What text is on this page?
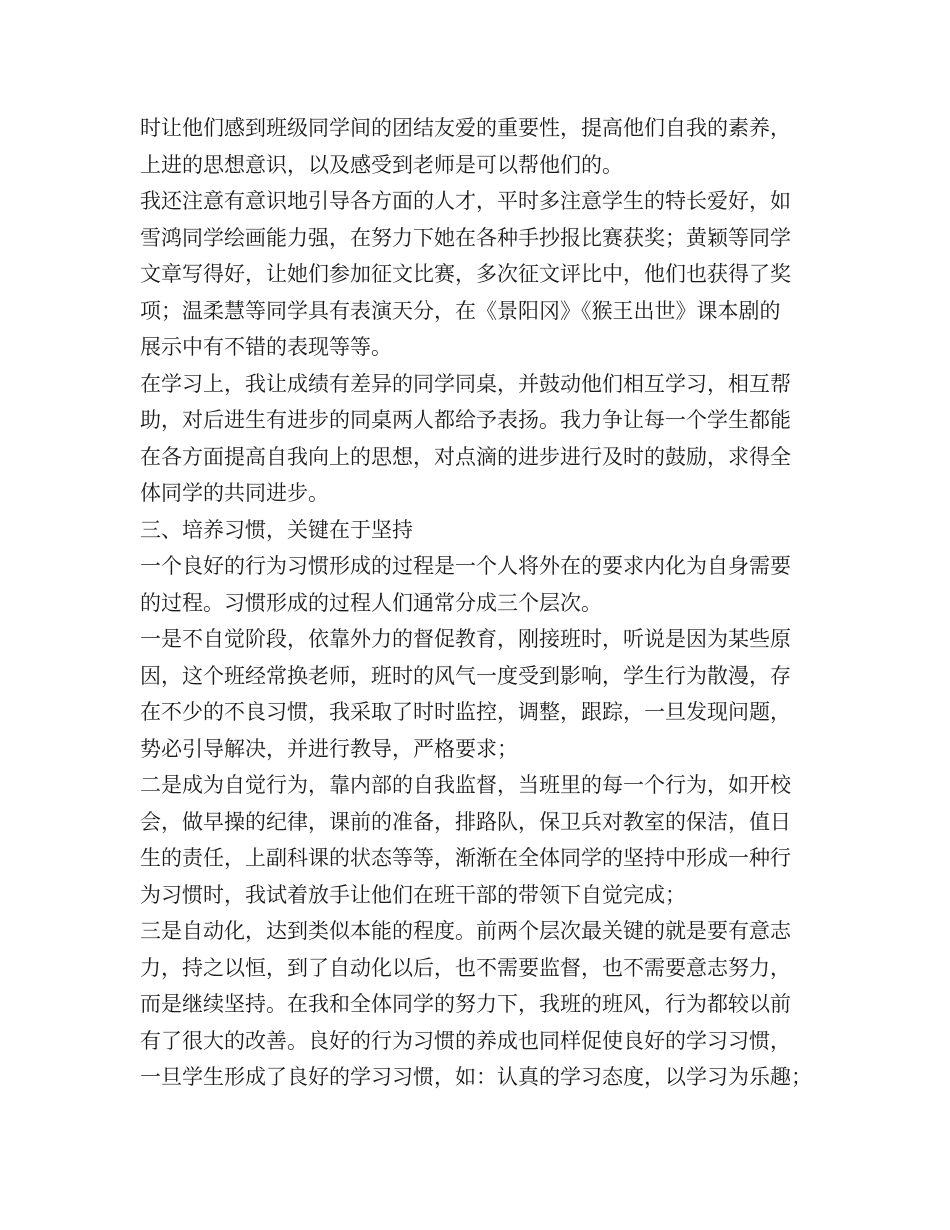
时让他们感到班级同学间的团结友爱的重要性，提高他们自我的素养，
上进的思想意识，以及感受到老师是可以帮他们的。
我还注意有意识地引导各方面的人才，平时多注意学生的特长爱好，如
雪鸿同学绘画能力强，在努力下她在各种手抄报比赛获奖；黄颖等同学
文章写得好，让她们参加征文比赛，多次征文评比中，他们也获得了奖
项；温柔慧等同学具有表演天分，在《景阳冈》《猴王出世》课本剧的
展示中有不错的表现等等。
在学习上，我让成绩有差异的同学同桌，并鼓动他们相互学习，相互帮
助，对后进生有进步的同桌两人都给予表扬。我力争让每一个学生都能
在各方面提高自我向上的思想，对点滴的进步进行及时的鼓励，求得全
体同学的共同进步。
三、培养习惯，关键在于坚持
一个良好的行为习惯形成的过程是一个人将外在的要求内化为自身需要
的过程。习惯形成的过程人们通常分成三个层次。
一是不自觉阶段，依靠外力的督促教育，刚接班时，听说是因为某些原
因，这个班经常换老师，班时的风气一度受到影响，学生行为散漫，存
在不少的不良习惯，我采取了时时监控，调整，跟踪，一旦发现问题，
势必引导解决，并进行教导，严格要求；
二是成为自觉行为，靠内部的自我监督，当班里的每一个行为，如开校
会，做早操的纪律，课前的准备，排路队，保卫兵对教室的保洁，值日
生的责任，上副科课的状态等等，渐渐在全体同学的坚持中形成一种行
为习惯时，我试着放手让他们在班干部的带领下自觉完成；
三是自动化，达到类似本能的程度。前两个层次最关键的就是要有意志
力，持之以恒，到了自动化以后，也不需要监督，也不需要意志努力，
而是继续坚持。在我和全体同学的努力下，我班的班风，行为都较以前
有了很大的改善。良好的行为习惯的养成也同样促使良好的学习习惯，
一旦学生形成了良好的学习习惯，如：认真的学习态度，以学习为乐趣；
